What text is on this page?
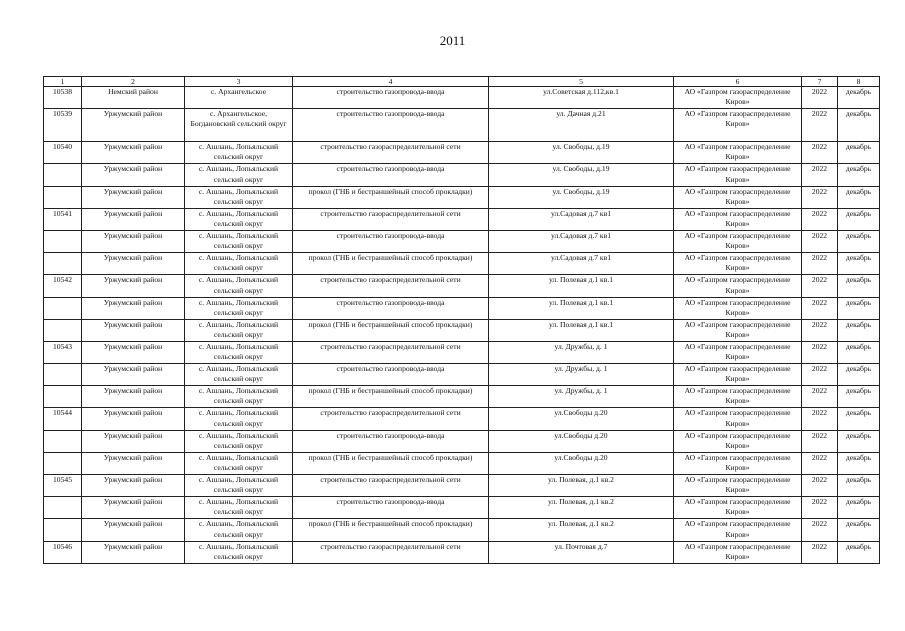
2011
1	2	3	4	5	6	7	8
10538	Немский район	с. Архангельское	строительство газопровода-ввода	ул.Советская д.112,кв.1	АО «Газпром газораспределение Киров»	2022	декабрь
10539	Уржумский район	с. Архангельское, Богдановский сельский округ	строительство газопровода-ввода	ул. Дачная д.21	АО «Газпром газораспределение Киров»	2022	декабрь
10540	Уржумский район	с. Ашлань, Лопьяльский сельский округ	строительство газораспределительной сети	ул. Свободы, д.19	АО «Газпром газораспределение Киров»	2022	декабрь
	Уржумский район	с. Ашлань, Лопьяльский сельский округ	строительство газопровода-ввода	ул. Свободы, д.19	АО «Газпром газораспределение Киров»	2022	декабрь
	Уржумский район	с. Ашлань, Лопьяльский сельский округ	прокол (ГНБ и бестраншейный способ прокладки)	ул. Свободы, д.19	АО «Газпром газораспределение Киров»	2022	декабрь
10541	Уржумский район	с. Ашлань, Лопьяльский сельский округ	строительство газораспределительной сети	ул.Садовая д.7 кв1	АО «Газпром газораспределение Киров»	2022	декабрь
	Уржумский район	с. Ашлань, Лопьяльский сельский округ	строительство газопровода-ввода	ул.Садовая д.7 кв1	АО «Газпром газораспределение Киров»	2022	декабрь
	Уржумский район	с. Ашлань, Лопьяльский сельский округ	прокол (ГНБ и бестраншейный способ прокладки)	ул.Садовая д.7 кв1	АО «Газпром газораспределение Киров»	2022	декабрь
10542	Уржумский район	с. Ашлань, Лопьяльский сельский округ	строительство газораспределительной сети	ул. Полевая д.1 кв.1	АО «Газпром газораспределение Киров»	2022	декабрь
	Уржумский район	с. Ашлань, Лопьяльский сельский округ	строительство газопровода-ввода	ул. Полевая д.1 кв.1	АО «Газпром газораспределение Киров»	2022	декабрь
	Уржумский район	с. Ашлань, Лопьяльский сельский округ	прокол (ГНБ и бестраншейный способ прокладки)	ул. Полевая д.1 кв.1	АО «Газпром газораспределение Киров»	2022	декабрь
10543	Уржумский район	с. Ашлань, Лопьяльский сельский округ	строительство газораспределительной сети	ул. Дружбы, д. 1	АО «Газпром газораспределение Киров»	2022	декабрь
	Уржумский район	с. Ашлань, Лопьяльский сельский округ	строительство газопровода-ввода	ул. Дружбы, д. 1	АО «Газпром газораспределение Киров»	2022	декабрь
	Уржумский район	с. Ашлань, Лопьяльский сельский округ	прокол (ГНБ и бестраншейный способ прокладки)	ул. Дружбы, д. 1	АО «Газпром газораспределение Киров»	2022	декабрь
10544	Уржумский район	с. Ашлань, Лопьяльский сельский округ	строительство газораспределительной сети	ул.Свободы д.20	АО «Газпром газораспределение Киров»	2022	декабрь
	Уржумский район	с. Ашлань, Лопьяльский сельский округ	строительство газопровода-ввода	ул.Свободы д.20	АО «Газпром газораспределение Киров»	2022	декабрь
	Уржумский район	с. Ашлань, Лопьяльский сельский округ	прокол (ГНБ и бестраншейный способ прокладки)	ул.Свободы д.20	АО «Газпром газораспределение Киров»	2022	декабрь
10545	Уржумский район	с. Ашлань, Лопьяльский сельский округ	строительство газораспределительной сети	ул. Полевая, д.1 кв.2	АО «Газпром газораспределение Киров»	2022	декабрь
	Уржумский район	с. Ашлань, Лопьяльский сельский округ	строительство газопровода-ввода	ул. Полевая, д.1 кв.2	АО «Газпром газораспределение Киров»	2022	декабрь
	Уржумский район	с. Ашлань, Лопьяльский сельский округ	прокол (ГНБ и бестраншейный способ прокладки)	ул. Полевая, д.1 кв.2	АО «Газпром газораспределение Киров»	2022	декабрь
10546	Уржумский район	с. Ашлань, Лопьяльский сельский округ	строительство газораспределительной сети	ул. Почтовая д.7	АО «Газпром газораспределение Киров»	2022	декабрь
